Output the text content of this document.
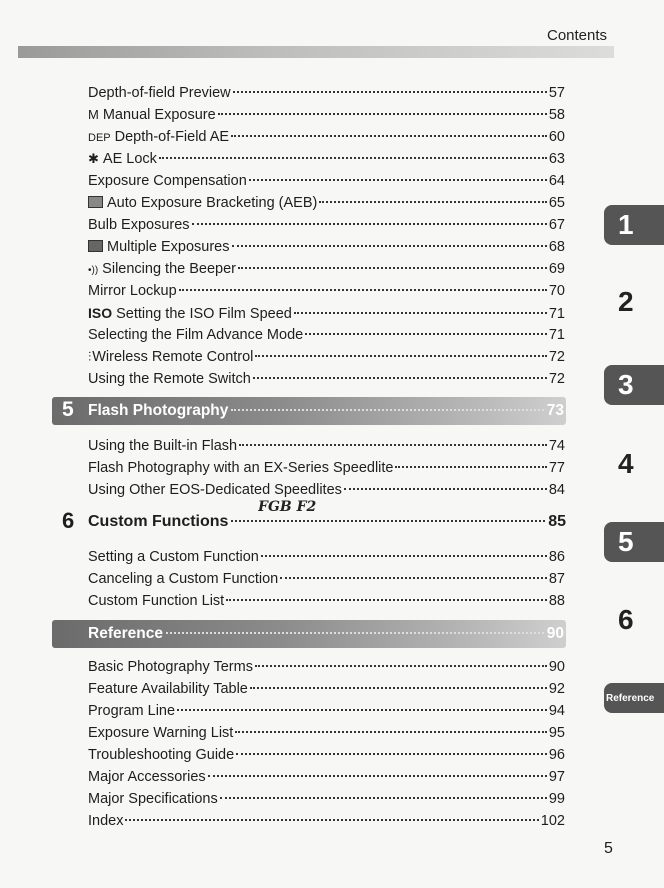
Contents
Depth-of-field Preview	57
M Manual Exposure	58
DEP Depth-of-Field AE	60
✱ AE Lock	63
Exposure Compensation	64
Auto Exposure Bracketing (AEB)	65
Bulb Exposures	67
Multiple Exposures	68
•)) Silencing the Beeper	69
Mirror Lockup	70
ISO Setting the ISO Film Speed	71
Selecting the Film Advance Mode	71
⫶Wireless Remote Control	72
Using the Remote Switch	72
5 Flash Photography	73
Using the Built-in Flash	74
Flash Photography with an EX-Series Speedlite	77
Using Other EOS-Dedicated Speedlites	84
FGB F2
6 Custom Functions	85
Setting a Custom Function	86
Canceling a Custom Function	87
Custom Function List	88
Reference	90
Basic Photography Terms	90
Feature Availability Table	92
Program Line	94
Exposure Warning List	95
Troubleshooting Guide	96
Major Accessories	97
Major Specifications	99
Index	102
1
2
3
4
5
6
Reference
5
